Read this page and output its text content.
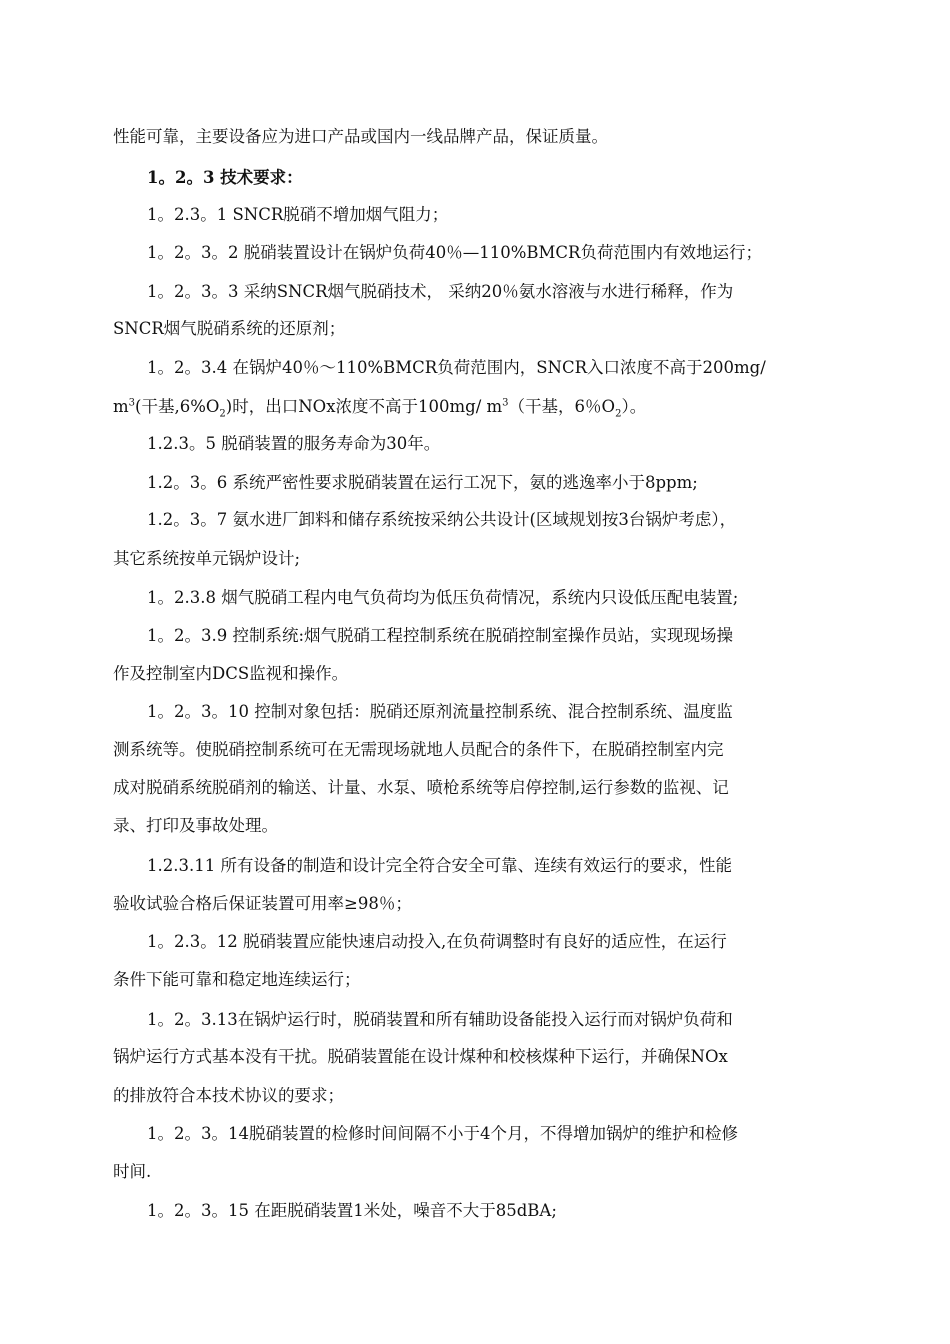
性能可靠，主要设备应为进口产品或国内一线品牌产品，保证质量。

1。2。3 技术要求：

1。2.3。1 SNCR脱硝不增加烟气阻力；

1。2。3。2 脱硝装置设计在锅炉负荷40％—110%BMCR负荷范围内有效地运行；

1。2。3。3 采纳SNCR烟气脱硝技术， 采纳20％氨水溶液与水进行稀释，作为

SNCR烟气脱硝系统的还原剂；

1。2。3.4 在锅炉40％～110%BMCR负荷范围内，SNCR入口浓度不高于200mg/

$m^3$(干基$,6\%O_2$)时，出口NOx浓度不高于100mg/ $m^3$（干基，6％$O_2$）。

1.2.3。5 脱硝装置的服务寿命为30年。

1.2。3。6 系统严密性要求脱硝装置在运行工况下，氨的逃逸率小于8ppm;

1.2。3。7 氨水进厂卸料和储存系统按采纳公共设计(区域规划按3台锅炉考虑），

其它系统按单元锅炉设计;

1。2.3.8 烟气脱硝工程内电气负荷均为低压负荷情况，系统内只设低压配电装置;

1。2。3.9 控制系统:烟气脱硝工程控制系统在脱硝控制室操作员站，实现现场操

作及控制室内DCS监视和操作。

1。2。3。10 控制对象包括：脱硝还原剂流量控制系统、混合控制系统、温度监

测系统等。使脱硝控制系统可在无需现场就地人员配合的条件下，在脱硝控制室内完

成对脱硝系统脱硝剂的输送、计量、水泵、喷枪系统等启停控制,运行参数的监视、记

录、打印及事故处理。

1.2.3.11 所有设备的制造和设计完全符合安全可靠、连续有效运行的要求，性能

验收试验合格后保证装置可用率≥98％；

1。2.3。12 脱硝装置应能快速启动投入,在负荷调整时有良好的适应性，在运行

条件下能可靠和稳定地连续运行；

1。2。3.13在锅炉运行时，脱硝装置和所有辅助设备能投入运行而对锅炉负荷和

锅炉运行方式基本没有干扰。脱硝装置能在设计煤种和校核煤种下运行，并确保NOx

的排放符合本技术协议的要求；

1。2。3。14脱硝装置的检修时间间隔不小于4个月，不得增加锅炉的维护和检修

时间.

1。2。3。15 在距脱硝装置1米处，噪音不大于85dBA;
